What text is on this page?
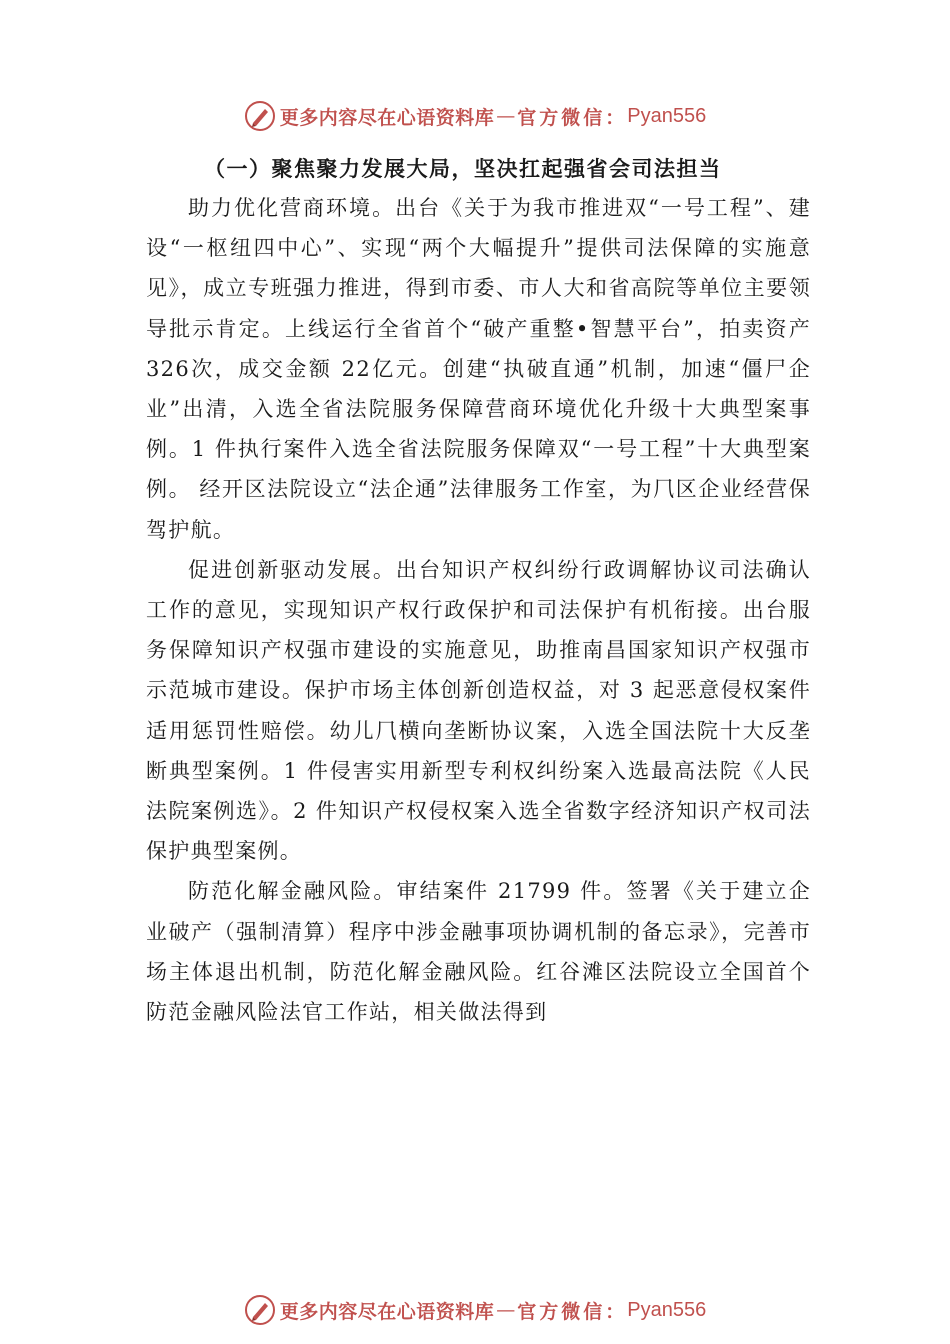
更多内容尽在心语资料库 — 官方微信： Pyan556

（一）聚焦聚力发展大局，坚决扛起强省会司法担当

助力优化营商环境。出台《关于为我市推进双“一号工程”、建设“一枢纽四中心”、实现“两个大幅提升”提供司法保障的实施意见》，成立专班强力推进，得到市委、市人大和省高院等单位主要领导批示肯定。上线运行全省首个“破产重整•智慧平台”，拍卖资产 326次，成交金额 22亿元。创建“执破直通”机制，加速“僵尸企业”出清，入选全省法院服务保障营商环境优化升级十大典型案事例。1 件执行案件入选全省法院服务保障双“一号工程”十大典型案例。 经开区法院设立“法企通”法律服务工作室，为⺇区企业经营保驾护航。

促进创新驱动发展。出台知识产权纠纷行政调解协议司法确认工作的意见，实现知识产权行政保护和司法保护有机衔接。出台服务保障知识产权强市建设的实施意见，助推南昌国家知识产权强市示范城市建设。保护市场主体创新创造权益，对 3 起恶意侵权案件适用惩罚性赔偿。幼儿⺇横向垄断协议案，入选全国法院十大反垄断典型案例。1 件侵害实用新型专利权纠纷案入选最高法院《人民法院案例选》。2 件知识产权侵权案入选全省数字经济知识产权司法保护典型案例。

防范化解金融风险。审结案件 21799 件。签署《关于建立企业破产（强制清算）程序中涉金融事项协调机制的备忘录》，完善市场主体退出机制，防范化解金融风险。红谷滩区法院设立全国首个防范金融风险法官工作站，相关做法得到

更多内容尽在心语资料库 — 官方微信： Pyan556
